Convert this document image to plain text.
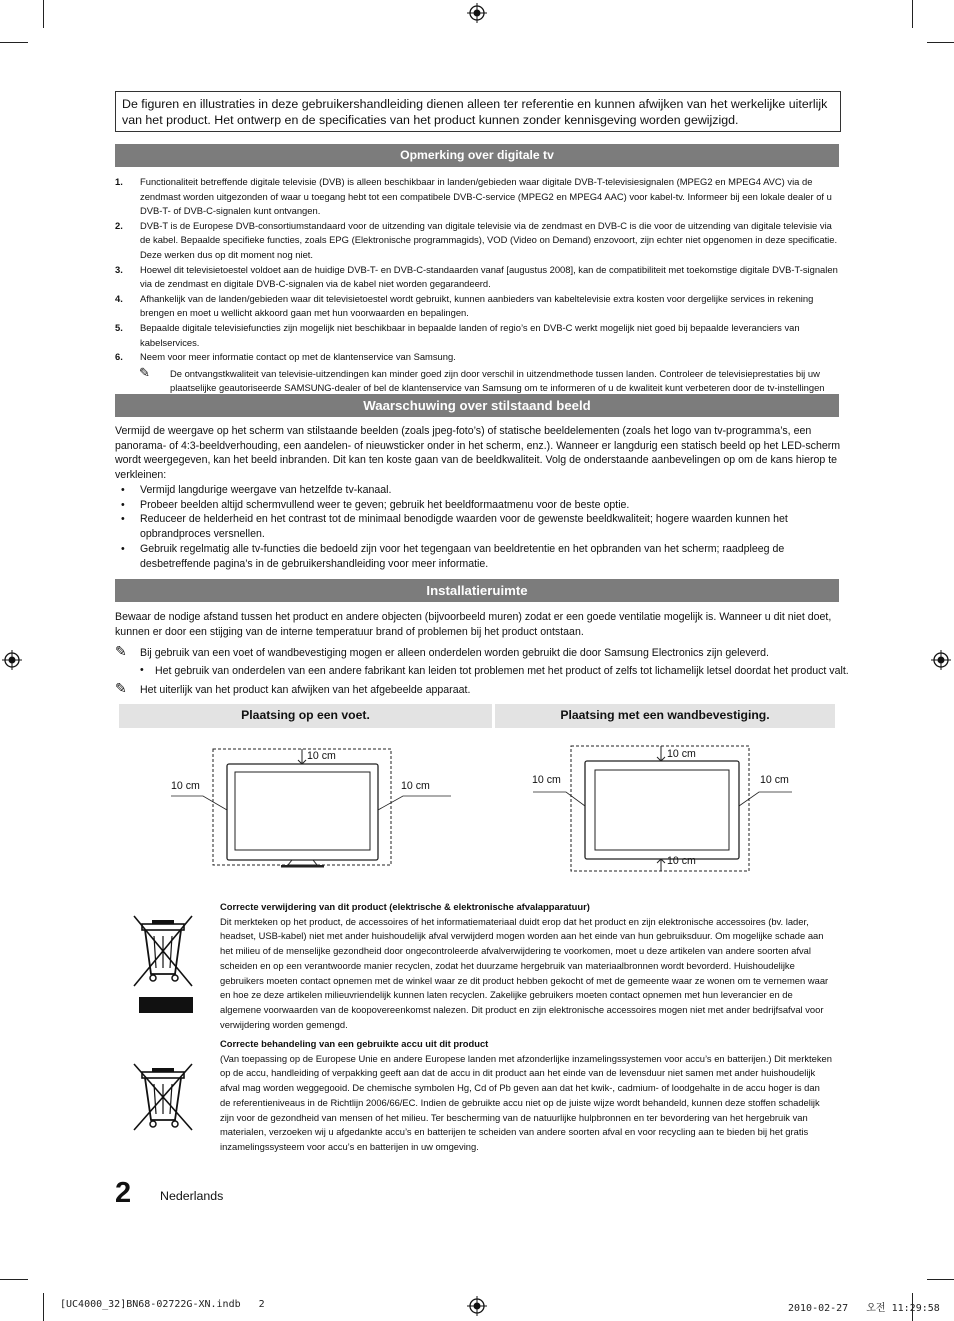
De figuren en illustraties in deze gebruikershandleiding dienen alleen ter referentie en kunnen afwijken van het werkelijke uiterlijk van het product. Het ontwerp en de specificaties van het product kunnen zonder kennisgeving worden gewijzigd.
Opmerking over digitale tv
1. Functionaliteit betreffende digitale televisie (DVB) is alleen beschikbaar in landen/gebieden waar digitale DVB-T-televisiesignalen (MPEG2 en MPEG4 AVC) via de zendmast worden uitgezonden of waar u toegang hebt tot een compatibele DVB-C-service (MPEG2 en MPEG4 AAC) voor kabel-tv. Informeer bij een lokale dealer of u DVB-T- of DVB-C-signalen kunt ontvangen.
2. DVB-T is de Europese DVB-consortiumstandaard voor de uitzending van digitale televisie via de zendmast en DVB-C is die voor de uitzending van digitale televisie via de kabel. Bepaalde specifieke functies, zoals EPG (Elektronische programmagids), VOD (Video on Demand) enzovoort, zijn echter niet opgenomen in deze specificatie. Deze werken dus op dit moment nog niet.
3. Hoewel dit televisietoestel voldoet aan de huidige DVB-T- en DVB-C-standaarden vanaf [augustus 2008], kan de compatibiliteit met toekomstige digitale DVB-T-signalen via de zendmast en digitale DVB-C-signalen via de kabel niet worden gegarandeerd.
4. Afhankelijk van de landen/gebieden waar dit televisietoestel wordt gebruikt, kunnen aanbieders van kabeltelevisie extra kosten voor dergelijke services in rekening brengen en moet u wellicht akkoord gaan met hun voorwaarden en bepalingen.
5. Bepaalde digitale televisiefuncties zijn mogelijk niet beschikbaar in bepaalde landen of regio’s en DVB-C werkt mogelijk niet goed bij bepaalde leveranciers van kabelservices.
6. Neem voor meer informatie contact op met de klantenservice van Samsung.
✎ De ontvangstkwaliteit van televisie-uitzendingen kan minder goed zijn door verschil in uitzendmethode tussen landen. Controleer de televisieprestaties bij uw plaatselijke geautoriseerde SAMSUNG-dealer of bel de klantenservice van Samsung om te informeren of u de kwaliteit kunt verbeteren door de tv-instellingen
Waarschuwing over stilstaand beeld
Vermijd de weergave op het scherm van stilstaande beelden (zoals jpeg-foto’s) of statische beeldelementen (zoals het logo van tv-programma’s, een panorama- of 4:3-beeldverhouding, een aandelen- of nieuwsticker onder in het scherm, enz.). Wanneer er langdurig een statisch beeld op het LED-scherm wordt weergegeven, kan het beeld inbranden. Dit kan ten koste gaan van de beeldkwaliteit. Volg de onderstaande aanbevelingen op om de kans hierop te verkleinen:
• Vermijd langdurige weergave van hetzelfde tv-kanaal.
• Probeer beelden altijd schermvullend weer te geven; gebruik het beeldformaatmenu voor de beste optie.
• Reduceer de helderheid en het contrast tot de minimaal benodigde waarden voor de gewenste beeldkwaliteit; hogere waarden kunnen het opbrandproces versnellen.
• Gebruik regelmatig alle tv-functies die bedoeld zijn voor het tegengaan van beeldretentie en het opbranden van het scherm; raadpleeg de desbetreffende pagina’s in de gebruikershandleiding voor meer informatie.
Installatieruimte
Bewaar de nodige afstand tussen het product en andere objecten (bijvoorbeeld muren) zodat er een goede ventilatie mogelijk is. Wanneer u dit niet doet, kunnen er door een stijging van de interne temperatuur brand of problemen bij het product ontstaan.
✎ Bij gebruik van een voet of wandbevestiging mogen er alleen onderdelen worden gebruikt die door Samsung Electronics zijn geleverd.
• Het gebruik van onderdelen van een andere fabrikant kan leiden tot problemen met het product of zelfs tot lichamelijk letsel doordat het product valt.
✎ Het uiterlijk van het product kan afwijken van het afgebeelde apparaat.
Plaatsing op een voet.	Plaatsing met een wandbevestiging.
10 cm
10 cm	10 cm
10 cm
10 cm	10 cm
10 cm
Correcte verwijdering van dit product (elektrische & elektronische afvalapparatuur)
Dit merkteken op het product, de accessoires of het informatiemateriaal duidt erop dat het product en zijn elektronische accessoires (bv. lader, headset, USB-kabel) niet met ander huishoudelijk afval verwijderd mogen worden aan het einde van hun gebruiksduur. Om mogelijke schade aan het milieu of de menselijke gezondheid door ongecontroleerde afvalverwijdering te voorkomen, moet u deze artikelen van andere soorten afval scheiden en op een verantwoorde manier recyclen, zodat het duurzame hergebruik van materiaalbronnen wordt bevorderd. Huishoudelijke gebruikers moeten contact opnemen met de winkel waar ze dit product hebben gekocht of met de gemeente waar ze wonen om te vernemen waar en hoe ze deze artikelen milieuvriendelijk kunnen laten recyclen. Zakelijke gebruikers moeten contact opnemen met hun leverancier en de algemene voorwaarden van de koopovereenkomst nalezen. Dit product en zijn elektronische accessoires mogen niet met ander bedrijfsafval voor verwijdering worden gemengd.
Correcte behandeling van een gebruikte accu uit dit product
(Van toepassing op de Europese Unie en andere Europese landen met afzonderlijke inzamelingssystemen voor accu’s en batterijen.) Dit merkteken op de accu, handleiding of verpakking geeft aan dat de accu in dit product aan het einde van de levensduur niet samen met ander huishoudelijk afval mag worden weggegooid. De chemische symbolen Hg, Cd of Pb geven aan dat het kwik-, cadmium- of loodgehalte in de accu hoger is dan de referentieniveaus in de Richtlijn 2006/66/EC. Indien de gebruikte accu niet op de juiste wijze wordt behandeld, kunnen deze stoffen schadelijk zijn voor de gezondheid van mensen of het milieu. Ter bescherming van de natuurlijke hulpbronnen en ter bevordering van het hergebruik van materialen, verzoeken wij u afgedankte accu’s en batterijen te scheiden van andere soorten afval en voor recycling aan te bieden bij het gratis inzamelingssysteem voor accu’s en batterijen in uw omgeving.
2 Nederlands
[UC4000_32]BN68-02722G-XN.indb   2	2010-02-27   오전 11:29:58
